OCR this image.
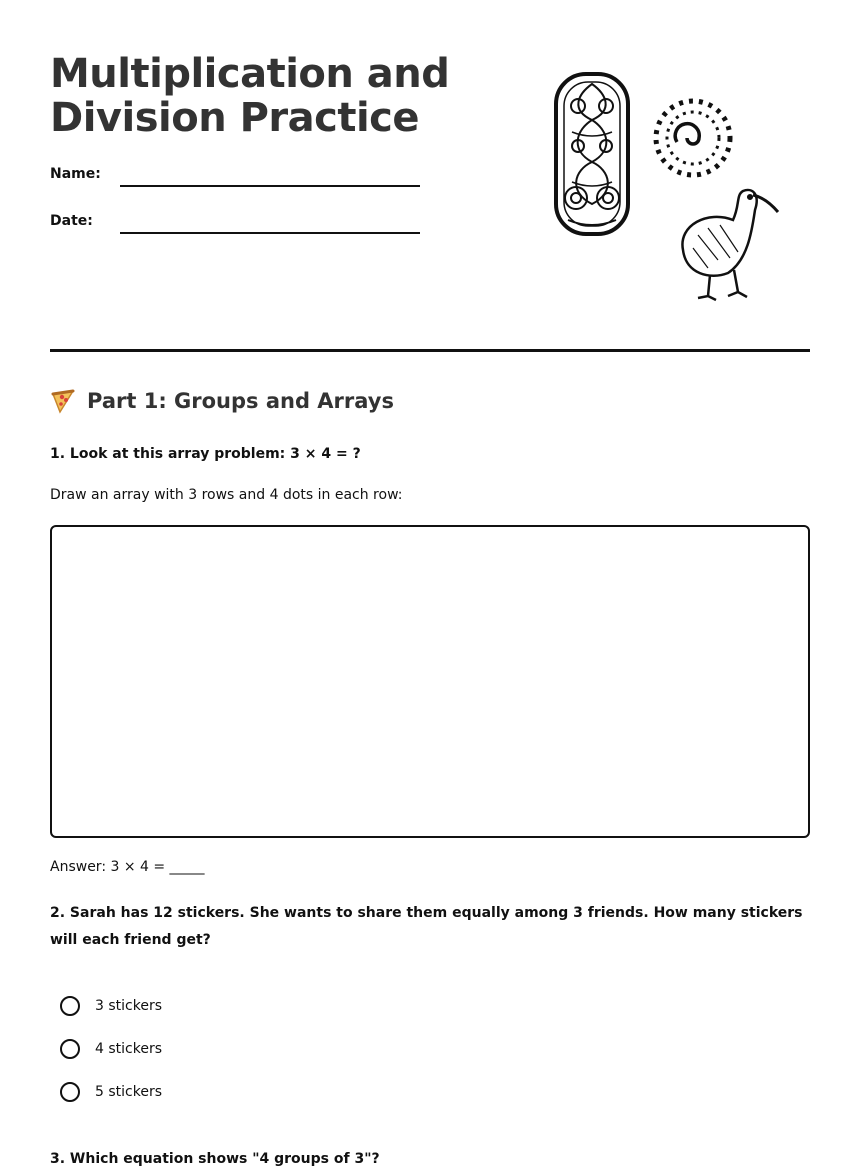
Multiplication and
Division Practice
Name:
Date:
Part 1: Groups and Arrays

1. Look at this array problem: 3 × 4 = ?

Draw an array with 3 rows and 4 dots in each row:

Answer: 3 × 4 = _____

2. Sarah has 12 stickers. She wants to share them equally among 3 friends. How many stickers will each friend get?

3 stickers
4 stickers
5 stickers

3. Which equation shows "4 groups of 3"?
